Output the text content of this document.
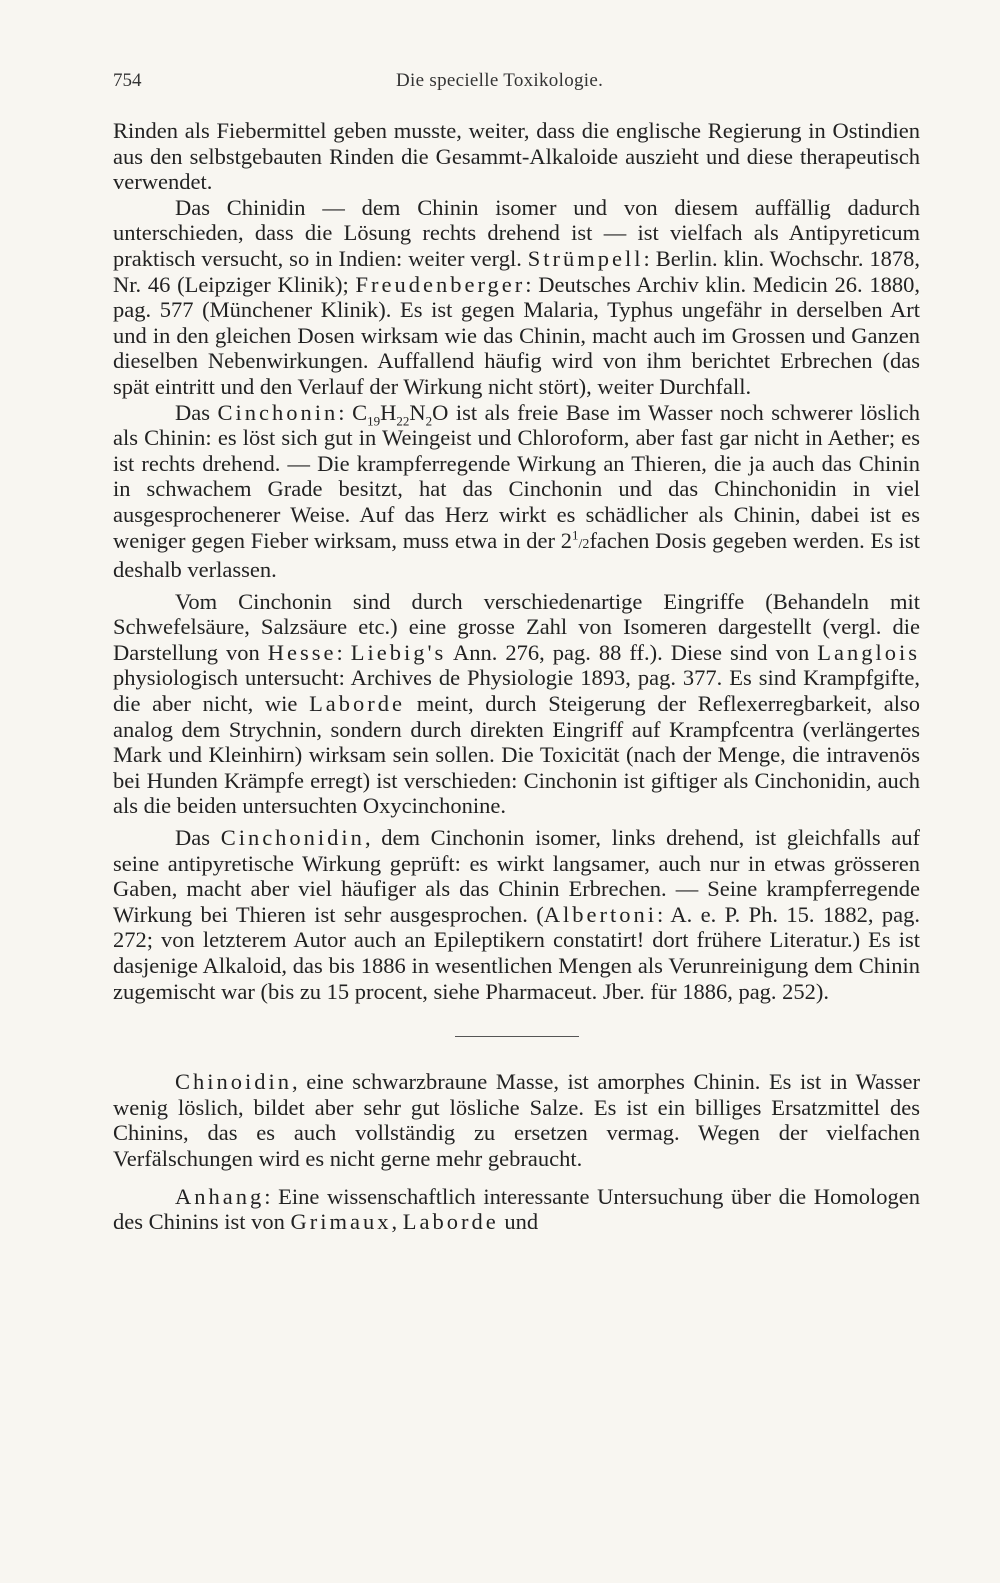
754	Die specielle Toxikologie.

Rinden als Fiebermittel geben musste, weiter, dass die englische Regierung in Ostindien aus den selbstgebauten Rinden die Gesammt-Alkaloide auszieht und diese therapeutisch verwendet.

Das Chinidin — dem Chinin isomer und von diesem auffällig dadurch unterschieden, dass die Lösung rechts drehend ist — ist vielfach als Antipyreticum praktisch versucht, so in Indien: weiter vergl. Strümpell: Berlin. klin. Wochschr. 1878, Nr. 46 (Leipziger Klinik); Freudenberger: Deutsches Archiv klin. Medicin 26. 1880, pag. 577 (Münchener Klinik). Es ist gegen Malaria, Typhus ungefähr in derselben Art und in den gleichen Dosen wirksam wie das Chinin, macht auch im Grossen und Ganzen dieselben Nebenwirkungen. Auffallend häufig wird von ihm berichtet Erbrechen (das spät eintritt und den Verlauf der Wirkung nicht stört), weiter Durchfall.

Das Cinchonin: $C_{19}H_{22}N_2O$ ist als freie Base im Wasser noch schwerer löslich als Chinin: es löst sich gut in Weingeist und Chloroform, aber fast gar nicht in Aether; es ist rechts drehend. — Die krampferregende Wirkung an Thieren, die ja auch das Chinin in schwachem Grade besitzt, hat das Cinchonin und das Chinchonidin in viel ausgesprochenerer Weise. Auf das Herz wirkt es schädlicher als Chinin, dabei ist es weniger gegen Fieber wirksam, muss etwa in der $2^1/2fachen$ Dosis gegeben werden. Es ist deshalb verlassen.

Vom Cinchonin sind durch verschiedenartige Eingriffe (Behandeln mit Schwefelsäure, Salzsäure etc.) eine grosse Zahl von Isomeren dargestellt (vergl. die Darstellung von Hesse: Liebig's Ann. 276, pag. 88 ff.). Diese sind von Langlois physiologisch untersucht: Archives de Physiologie 1893, pag. 377. Es sind Krampfgifte, die aber nicht, wie Laborde meint, durch Steigerung der Reflexerregbarkeit, also analog dem Strychnin, sondern durch direkten Eingriff auf Krampfcentra (verlängertes Mark und Kleinhirn) wirksam sein sollen. Die Toxicität (nach der Menge, die intravenös bei Hunden Krämpfe erregt) ist verschieden: Cinchonin ist giftiger als Cinchonidin, auch als die beiden untersuchten Oxycinchonine.

Das Cinchonidin, dem Cinchonin isomer, links drehend, ist gleichfalls auf seine antipyretische Wirkung geprüft: es wirkt langsamer, auch nur in etwas grösseren Gaben, macht aber viel häufiger als das Chinin Erbrechen. — Seine krampferregende Wirkung bei Thieren ist sehr ausgesprochen. (Albertoni: A. e. P. Ph. 15. 1882, pag. 272; von letzterem Autor auch an Epileptikern constatirt! dort frühere Literatur.) Es ist dasjenige Alkaloid, das bis 1886 in wesentlichen Mengen als Verunreinigung dem Chinin zugemischt war (bis zu 15 procent, siehe Pharmaceut. Jber. für 1886, pag. 252).

Chinoidin, eine schwarzbraune Masse, ist amorphes Chinin. Es ist in Wasser wenig löslich, bildet aber sehr gut lösliche Salze. Es ist ein billiges Ersatzmittel des Chinins, das es auch vollständig zu ersetzen vermag. Wegen der vielfachen Verfälschungen wird es nicht gerne mehr gebraucht.

Anhang: Eine wissenschaftlich interessante Untersuchung über die Homologen des Chinins ist von Grimaux, Laborde und
